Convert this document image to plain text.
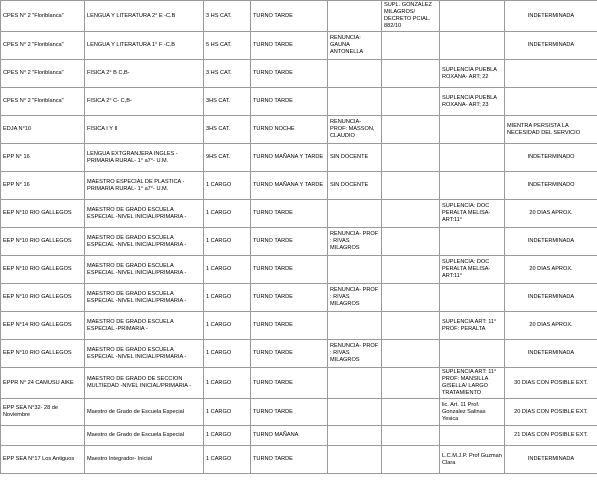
CPES N° 2 "Floriblanca"	LENGUA Y LITERATURA 2° E -C.B	3 HS CAT.	TURNO TARDE		SUPL. GONZALEZ MILAGROS/ DECRETO PCIAL. 882/10		INDETERMINADA
CPES N° 2 "Floriblanca"	LENGUA Y LITERATURA 1° F -C.B	5 HS CAT.	TURNO TARDE	RENUNCIA: GAUNA ANTONELLA			INDETERMINADA
CPES N° 2 "Floriblanca"	FISICA 2° B C,B-	3 HS CAT.	TURNO TARDE			SUPLENCIA PUEBLA ROXANA- ART; 22	
CPES N° 2 "Floriblanca"	FISICA 2° C- C,B-	3HS CAT.	TURNO TARDE			SUPLENCIA PUEBLA ROXANA- ART; 23	
EDJA N°10	FISICA I Y II	3HS CAT.	TURNO NOCHE	RENUNCIA- PROF: MASSON, CLAUDIO			MIENTRA PERSISTA LA NECESIDAD DEL SERVICIO
EPP N° 16	LENGUA EXTGRANJERA INGLES -PRIMARIA RURAL- 1° a7°- U.M.	9HS CAT.	TURNO MAÑANA Y TARDE	SIN DOCENTE			INDETERMINADO
EPP N° 16	MAESTRO ESPECIAL DE PLASTICA -PRIMARIA RURAL- 1° a7°- U.M.	1 CARGO	TURNO MAÑANA Y TARDE	SIN DOCENTE			INDETERMINADO
EEP N°10 RIO GALLEGOS	MAESTRO DE GRADO ESCUELA ESPECIAL -NIVEL INICIAL/PRIMARIA -	1 CARGO	TURNO TARDE			SUPLENCIA: DOC PERALTA MELISA- ART:11°	20 DIAS APROX.
EEP N°10 RIO GALLEGOS	MAESTRO DE GRADO ESCUELA ESPECIAL -NIVEL INICIAL/PRIMARIA -	1 CARGO	TURNO TARDE	RENUNCIA- PROF : RIVAS MILAGROS			INDETERMINADA
EEP N°10 RIO GALLEGOS	MAESTRO DE GRADO ESCUELA ESPECIAL -NIVEL INICIAL/PRIMARIA -	1 CARGO	TURNO TARDE			SUPLENCIA: DOC PERALTA MELISA- ART:11°	20 DIAS APROX.
EEP N°10 RIO GALLEGOS	MAESTRO DE GRADO ESCUELA ESPECIAL -NIVEL INICIAL/PRIMARIA -	1 CARGO	TURNO TARDE	RENUNCIA- PROF : RIVAS MILAGROS			INDETERMINADA
EEP N°14 RIO GALLEGOS	MAESTRO DE GRADO ESCUELA ESPECIAL -PRIMARIA -	1 CARGO	TURNO TARDE			SUPLENCIA ART: 11° PROF: PERALTA	20 DIAS APROX.
EEP N°10 RIO GALLEGOS	MAESTRO DE GRADO ESCUELA ESPECIAL -NIVEL INICIAL/PRIMARIA -	1 CARGO	TURNO TARDE	RENUNCIA- PROF : RIVAS MILAGROS			INDETERMINADA
EPPR N° 24 CAMUSU AIKE	MAESTRO DE GRADO DE SECCION MULTIEDAD -NIVEL INICIAL/PRIMARIA -	1 CARGO	TURNO TARDE			SUPLENCIA ART: 11° PROF: MANSILLA GISELLA/ LARGO TRATAMIENTO	30 DIAS CON POSIBLE EXT.
EPP SEA N°32- 28 de Noviembre	Maestro de Grado de Escuela Especial	1 CARGO	TURNO TARDE			lic. Art. 11 Prof. Gonzalez Salinas Yesica	20 DIAS CON POSIBLE EXT.
	Maestro de Grado de Escuela Especial	1 CARGO	TURNO MAÑANA				21 DIAS CON POSIBLE EXT.
EPP SEA N°17 Los Antiguos	Maestro Integrador- Inicial	1 CARGO	TURNO TARDE			L.C.M.J.P. Prof Guzman Clara	INDETERMINADA
